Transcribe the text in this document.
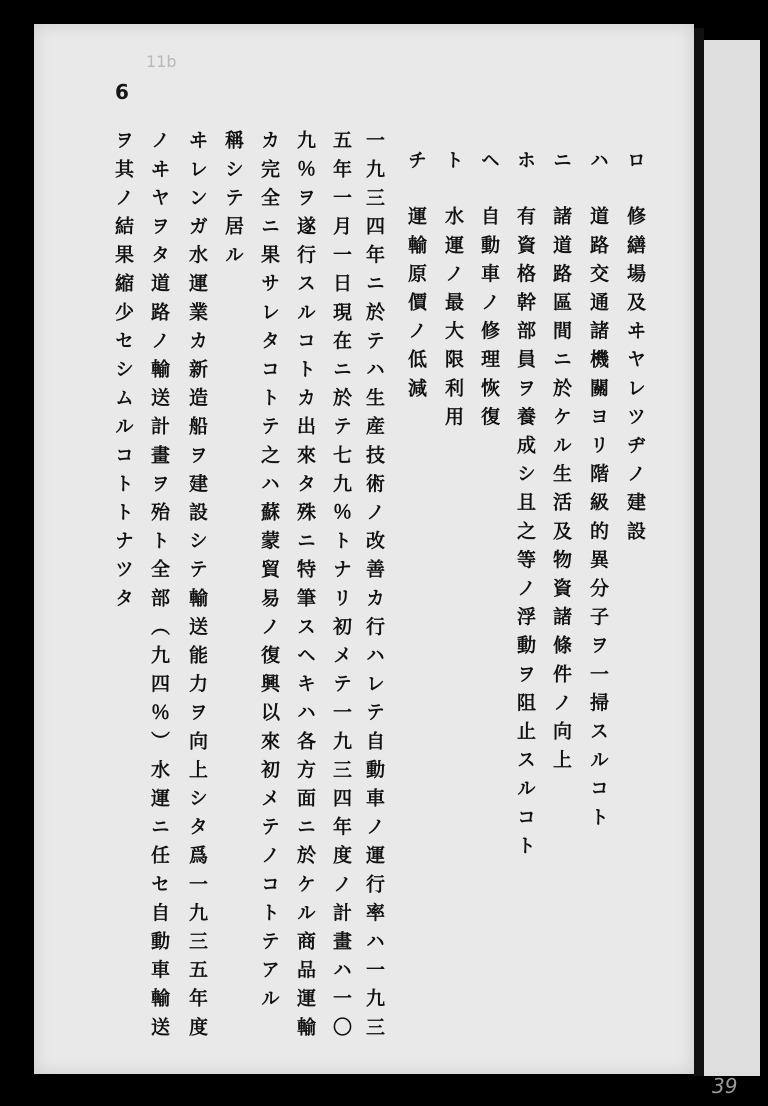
39
6
11b
ロ
修繕場及ヰヤレツヂノ建設
ハ
道路交通諸機關ヨリ階級的異分子ヲ一掃スルコト
ニ
諸道路區間ニ於ケル生活及物資諸條件ノ向上
ホ
有資格幹部員ヲ養成シ且之等ノ浮動ヲ阻止スルコト
ヘ
自動車ノ修理恢復
ト
水運ノ最大限利用
チ
運輸原價ノ低減
一九三四年ニ於テハ生産技術ノ改善カ行ハレテ自動車ノ運行率ハ一九三
五年一月一日現在ニ於テ七九％トナリ初メテ一九三四年度ノ計畫ハ一〇
九％ヲ遂行スルコトカ出來タ殊ニ特筆スヘキハ各方面ニ於ケル商品運輸
カ完全ニ果サレタコトテ之ハ蘇蒙貿易ノ復興以來初メテノコトテアル
稱シテ居ル
ヰレンガ水運業カ新造船ヲ建設シテ輸送能力ヲ向上シタ爲一九三五年度
ノヰヤヲタ道路ノ輸送計畫ヲ殆ト全部（九四％）水運ニ任セ自動車輸送
ヲ其ノ結果縮少セシムルコトトナツタ
